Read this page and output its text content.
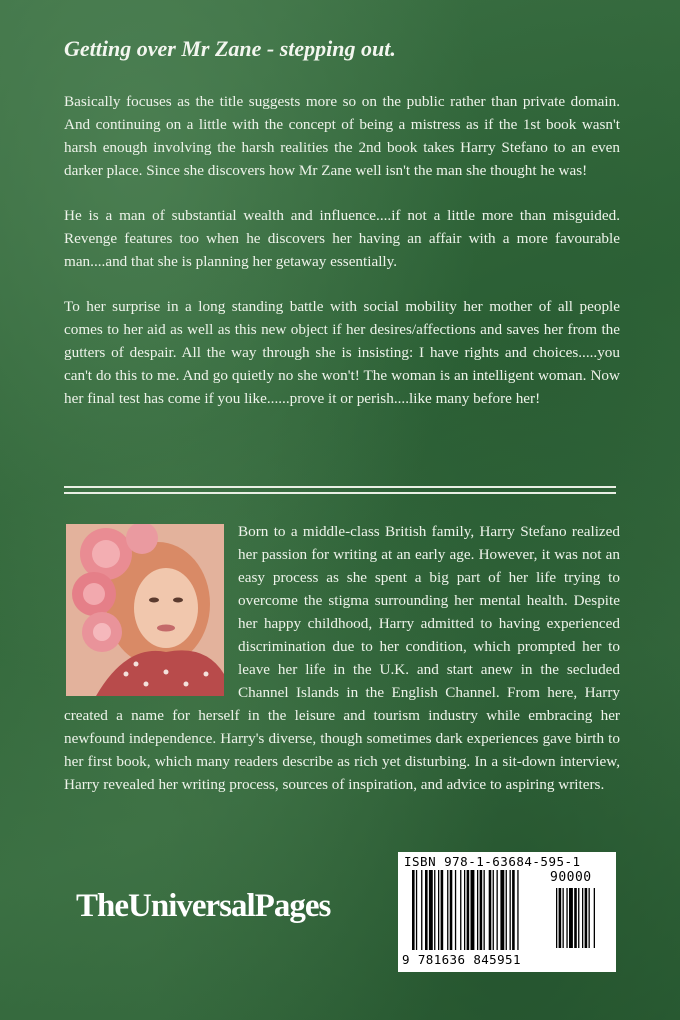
Getting over Mr Zane - stepping out.

Basically focuses as the title suggests more so on the public rather than private domain. And continuing on a little with the concept of being a mistress as if the 1st book wasn't harsh enough involving the harsh realities the 2nd book takes Harry Stefano to an even darker place. Since she discovers how Mr Zane well isn't the man she thought he was!

He is a man of substantial wealth and influence....if not a little more than misguided. Revenge features too when he discovers her having an affair with a more favourable man....and that she is planning her getaway essentially.

To her surprise in a long standing battle with social mobility her mother of all people comes to her aid as well as this new object if her desires/affections and saves her from the gutters of despair. All the way through she is insisting: I have rights and choices.....you can't do this to me. And go quietly no she won't! The woman is an intelligent woman. Now her final test has come if you like......prove it or perish....like many before her!

Born to a middle-class British family, Harry Stefano realized her passion for writing at an early age. However, it was not an easy process as she spent a big part of her life trying to overcome the stigma surrounding her mental health. Despite her happy childhood, Harry admitted to having experienced discrimination due to her condition, which prompted her to leave her life in the U.K. and start anew in the secluded Channel Islands in the English Channel. From here, Harry created a name for herself in the leisure and tourism industry while embracing her newfound independence. Harry's diverse, though sometimes dark experiences gave birth to her first book, which many readers describe as rich yet disturbing. In a sit-down interview, Harry revealed her writing process, sources of inspiration, and advice to aspiring writers.
TheUniversalPages
ISBN 978-1-63684-595-1
90000
9 781636 845951
